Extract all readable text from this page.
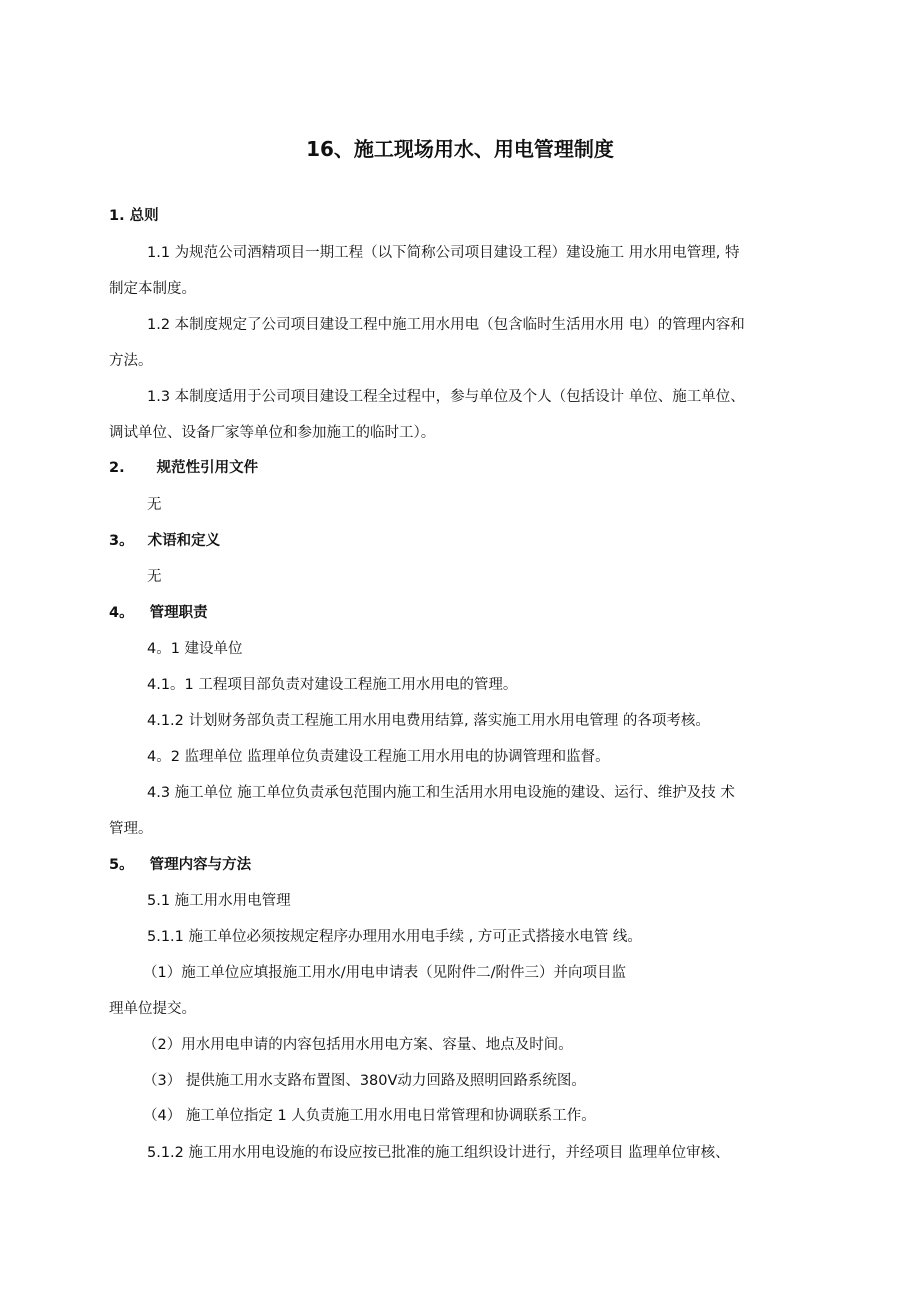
16、施工现场用水、用电管理制度
1. 总则
1.1 为规范公司酒精项目一期工程（以下简称公司项目建设工程）建设施工 用水用电管理, 特
制定本制度。
1.2 本制度规定了公司项目建设工程中施工用水用电（包含临时生活用水用 电）的管理内容和
方法。
1.3 本制度适用于公司项目建设工程全过程中，参与单位及个人（包括设计 单位、施工单位、
调试单位、设备厂家等单位和参加施工的临时工）。
2. 规范性引用文件
无
3。 术语和定义
无
4。 管理职责
4。1 建设单位
4.1。1 工程项目部负责对建设工程施工用水用电的管理。
4.1.2 计划财务部负责工程施工用水用电费用结算, 落实施工用水用电管理 的各项考核。
4。2 监理单位 监理单位负责建设工程施工用水用电的协调管理和监督。
4.3 施工单位 施工单位负责承包范围内施工和生活用水用电设施的建设、运行、维护及技 术
管理。
5。 管理内容与方法
5.1 施工用水用电管理
5.1.1 施工单位必须按规定程序办理用水用电手续 , 方可正式搭接水电管 线。
（1）施工单位应填报施工用水/用电申请表（见附件二/附件三）并向项目监
理单位提交。
（2）用水用电申请的内容包括用水用电方案、容量、地点及时间。
（3） 提供施工用水支路布置图、380V动力回路及照明回路系统图。
（4） 施工单位指定 1 人负责施工用水用电日常管理和协调联系工作。
5.1.2 施工用水用电设施的布设应按已批准的施工组织设计进行，并经项目 监理单位审核、
